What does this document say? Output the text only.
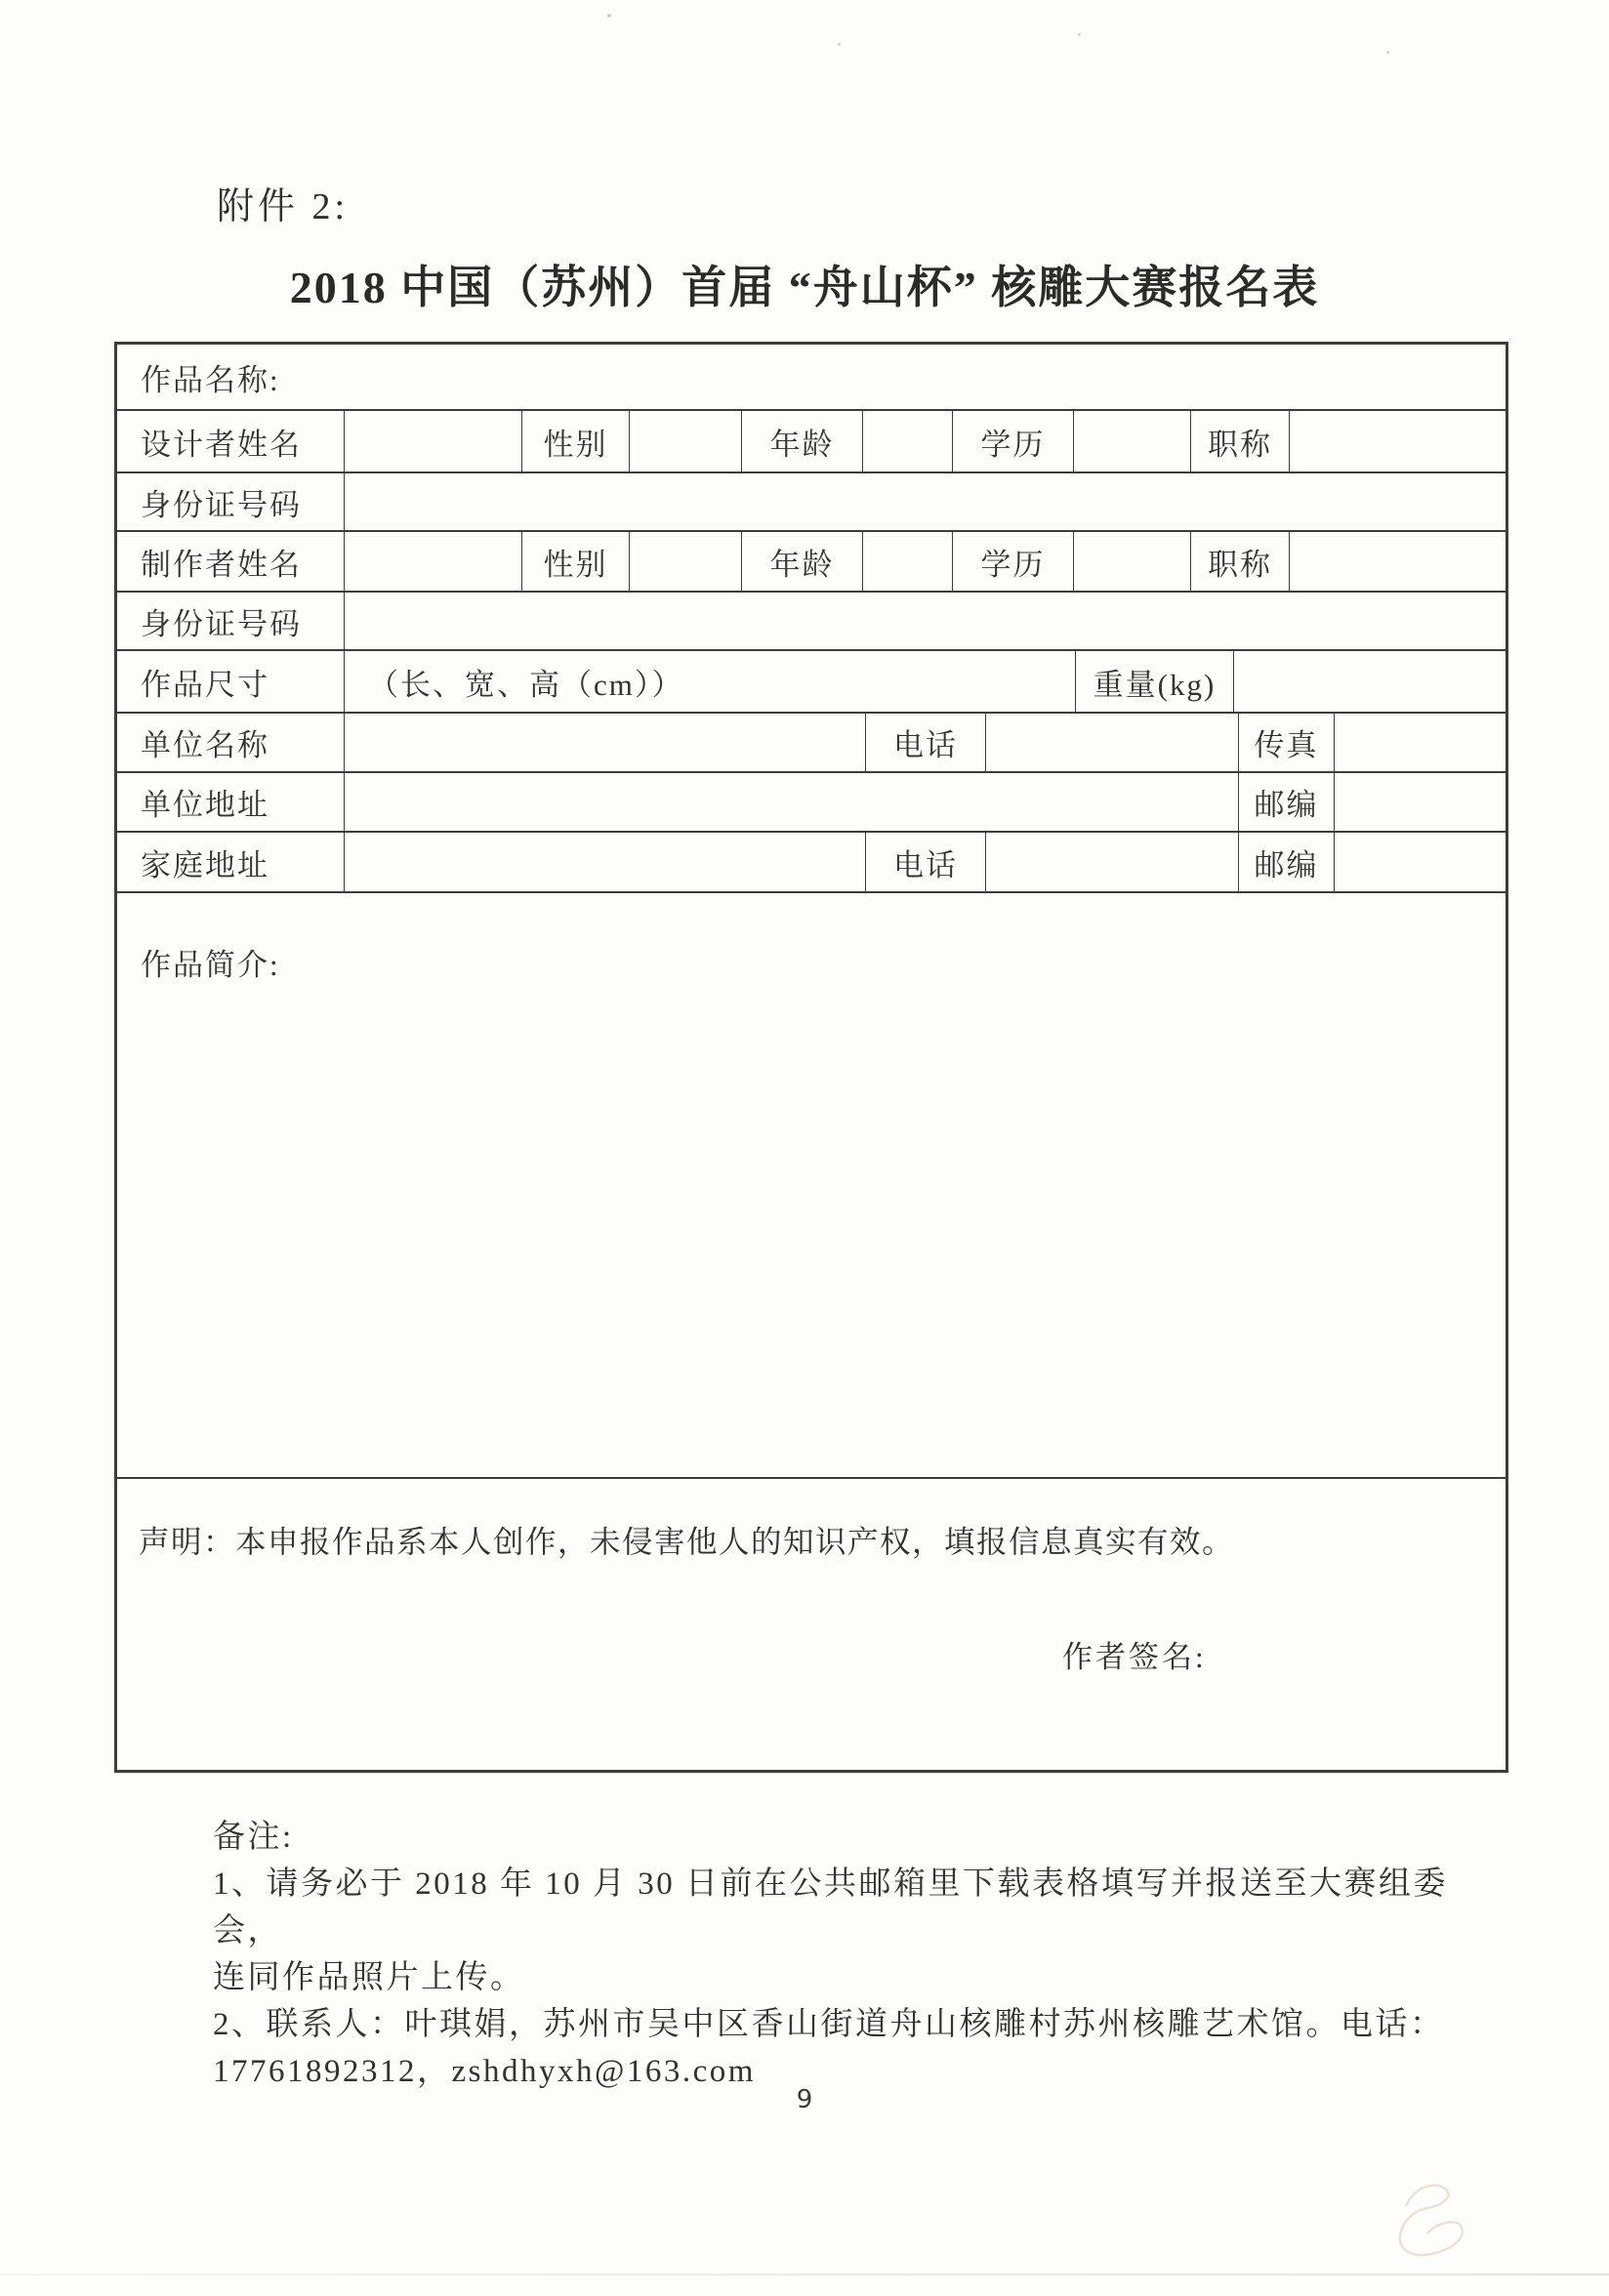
附件 2:
2018 中国（苏州）首届 “舟山杯” 核雕大赛报名表
作品名称:
设计者姓名	性别	年龄	学历	职称
身份证号码
制作者姓名	性别	年龄	学历	职称
身份证号码
作品尺寸	（长、宽、高（cm））	重量(kg)
单位名称	电话	传真
单位地址	邮编
家庭地址	电话	邮编
作品简介:
声明：本申报作品系本人创作，未侵害他人的知识产权，填报信息真实有效。
作者签名:
备注:
1、请务必于 2018 年 10 月 30 日前在公共邮箱里下载表格填写并报送至大赛组委会，
连同作品照片上传。
2、联系人：叶琪娟，苏州市吴中区香山街道舟山核雕村苏州核雕艺术馆。电话：
17761892312，zshdhyxh@163.com
9
